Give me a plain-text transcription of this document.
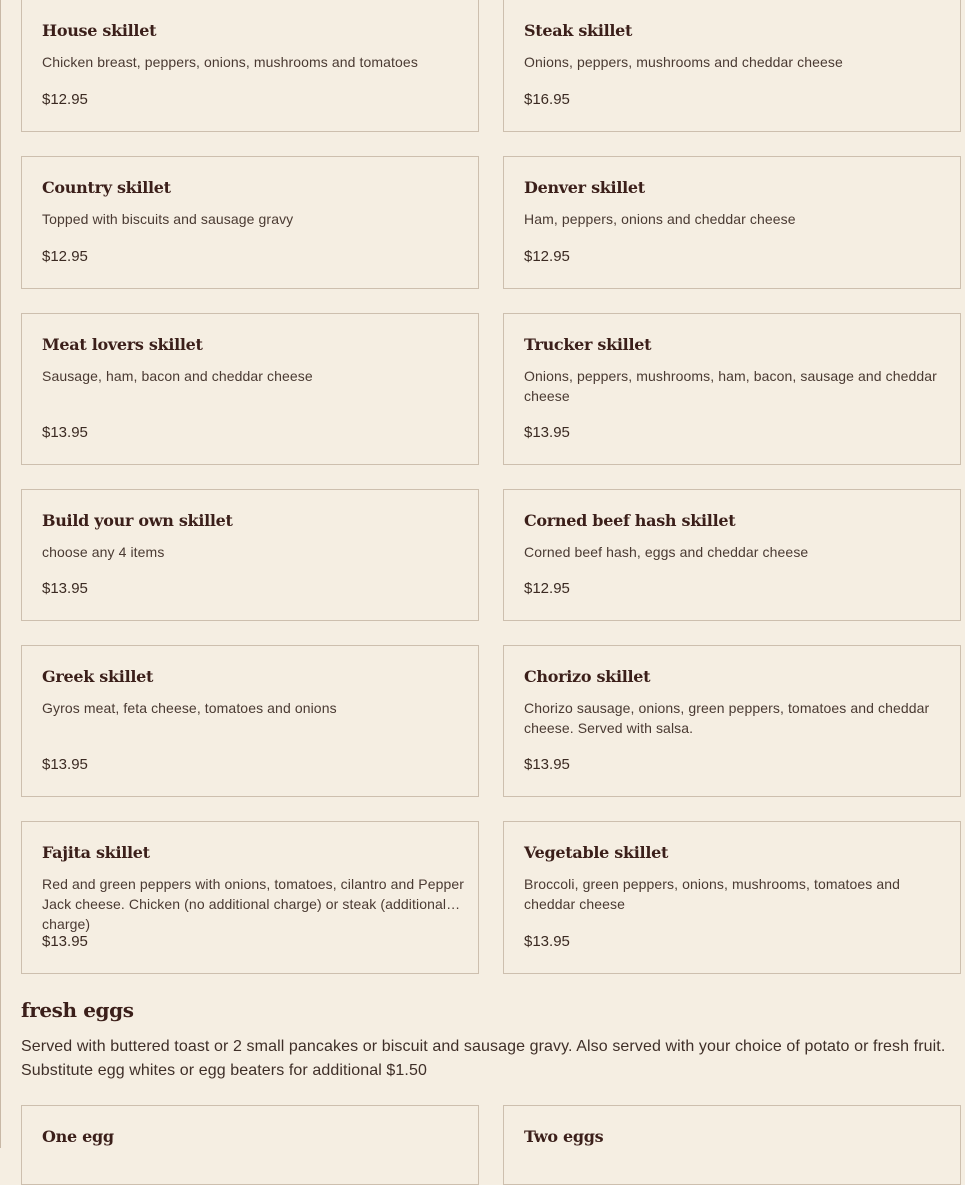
House skillet

Chicken breast, peppers, onions, mushrooms and tomatoes

$12.95

Steak skillet

Onions, peppers, mushrooms and cheddar cheese

$16.95

Country skillet

Topped with biscuits and sausage gravy

$12.95

Denver skillet

Ham, peppers, onions and cheddar cheese

$12.95

Meat lovers skillet

Sausage, ham, bacon and cheddar cheese

$13.95

Trucker skillet

Onions, peppers, mushrooms, ham, bacon, sausage and cheddar cheese

$13.95

Build your own skillet

choose any 4 items

$13.95

Corned beef hash skillet

Corned beef hash, eggs and cheddar cheese

$12.95

Greek skillet

Gyros meat, feta cheese, tomatoes and onions

$13.95

Chorizo skillet

Chorizo sausage, onions, green peppers, tomatoes and cheddar cheese. Served with salsa.

$13.95

Fajita skillet

Red and green peppers with onions, tomatoes, cilantro and Pepper Jack cheese. Chicken (no additional charge) or steak (additional charge)

$13.95

Vegetable skillet

Broccoli, green peppers, onions, mushrooms, tomatoes and cheddar cheese

$13.95

fresh eggs

Served with buttered toast or 2 small pancakes or biscuit and sausage gravy. Also served with your choice of potato or fresh fruit. Substitute egg whites or egg beaters for additional $1.50

One egg	Two eggs
